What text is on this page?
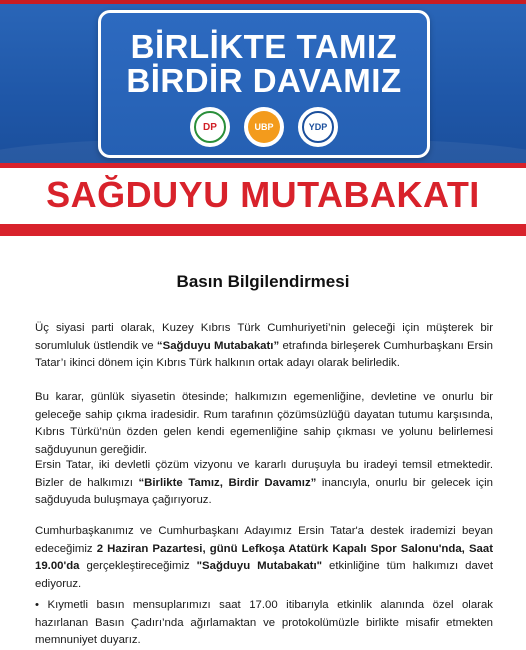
BİRLİKTE TAMIZ
BİRDİR DAVAMIZ
DP	UBP	YDP
SAĞDUYU MUTABAKATI
Basın Bilgilendirmesi

Üç siyasi parti olarak, Kuzey Kıbrıs Türk Cumhuriyeti’nin geleceği için müşterek bir sorumluluk üstlendik ve “Sağduyu Mutabakatı” etrafında birleşerek Cumhurbaşkanı Ersin Tatar’ı ikinci dönem için Kıbrıs Türk halkının ortak adayı olarak belirledik.

Bu karar, günlük siyasetin ötesinde; halkımızın egemenliğine, devletine ve onurlu bir geleceğe sahip çıkma iradesidir. Rum tarafının çözümsüzlüğü dayatan tutumu karşısında, Kıbrıs Türkü’nün özden gelen kendi egemenliğine sahip çıkması ve yolunu belirlemesi sağduyunun gereğidir.

Ersin Tatar, iki devletli çözüm vizyonu ve kararlı duruşuyla bu iradeyi temsil etmektedir. Bizler de halkımızı “Birlikte Tamız, Birdir Davamız” inancıyla, onurlu bir gelecek için sağduyuda buluşmaya çağırıyoruz.

Cumhurbaşkanımız ve Cumhurbaşkanı Adayımız Ersin Tatar'a destek irademizi beyan edeceğimiz 2 Haziran Pazartesi, günü Lefkoşa Atatürk Kapalı Spor Salonu'nda, Saat 19.00'da gerçekleştireceğimiz "Sağduyu Mutabakatı" etkinliğine tüm halkımızı davet ediyoruz.

• Kıymetli basın mensuplarımızı saat 17.00 itibarıyla etkinlik alanında özel olarak hazırlanan Basın Çadırı’nda ağırlamaktan ve protokolümüzle birlikte misafir etmekten memnuniyet duyarız.
